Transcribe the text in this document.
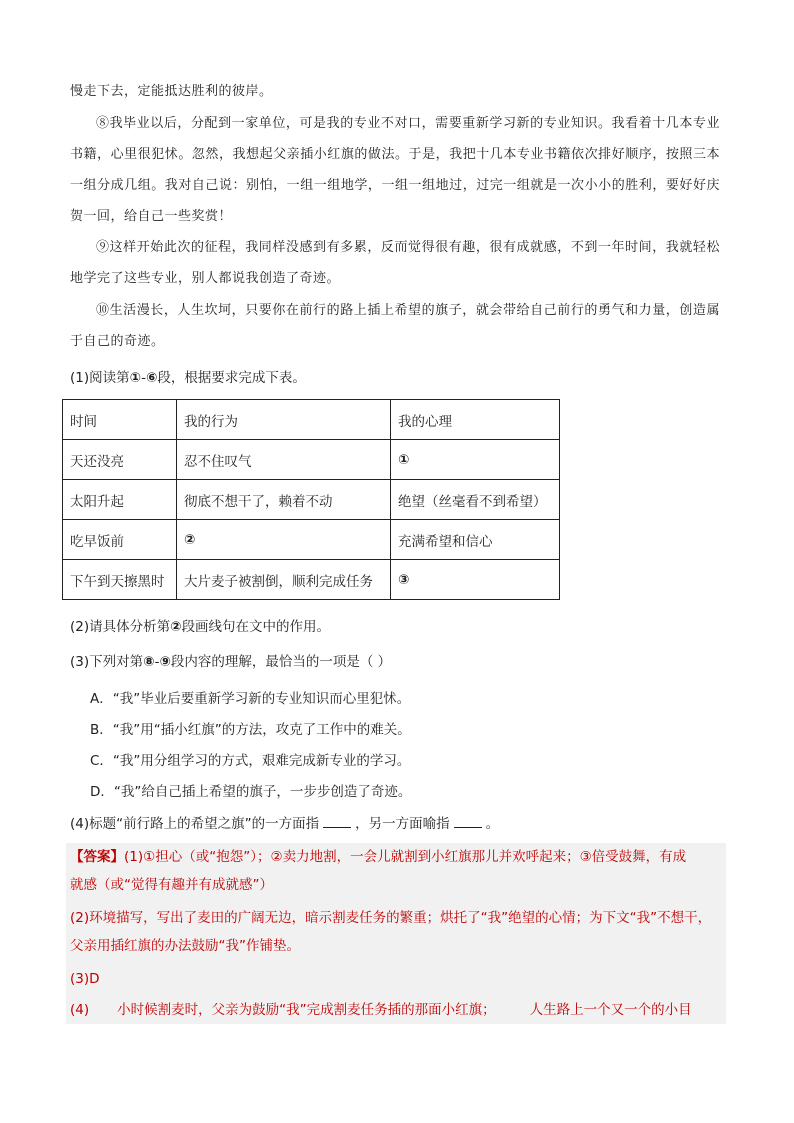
慢走下去，定能抵达胜利的彼岸。

⑧我毕业以后，分配到一家单位，可是我的专业不对口，需要重新学习新的专业知识。我看着十几本专业书籍，心里很犯怵。忽然，我想起父亲插小红旗的做法。于是，我把十几本专业书籍依次排好顺序，按照三本一组分成几组。我对自己说：别怕，一组一组地学，一组一组地过，过完一组就是一次小小的胜利，要好好庆贺一回，给自己一些奖赏！

⑨这样开始此次的征程，我同样没感到有多累，反而觉得很有趣，很有成就感，不到一年时间，我就轻松地学完了这些专业，别人都说我创造了奇迹。

⑩生活漫长，人生坎坷，只要你在前行的路上插上希望的旗子，就会带给自己前行的勇气和力量，创造属于自己的奇迹。

(1)阅读第①-⑥段，根据要求完成下表。
时间	我的行为	我的心理
天还没亮	忍不住叹气	①
太阳升起	彻底不想干了，赖着不动	绝望（丝毫看不到希望）
吃早饭前	②	充满希望和信心
下午到天擦黑时	大片麦子被割倒，顺利完成任务	③
(2)请具体分析第②段画线句在文中的作用。
(3)下列对第⑧-⑨段内容的理解，最恰当的一项是（ ）
A．“我”毕业后要重新学习新的专业知识而心里犯怵。
B．“我”用“插小红旗”的方法，攻克了工作中的难关。
C．“我”用分组学习的方式，艰难完成新专业的学习。
D．“我”给自己插上希望的旗子，一步步创造了奇迹。
(4)标题“前行路上的希望之旗”的一方面指	，另一方面喻指	。
【答案】(1)①担心（或“抱怨”）；②卖力地割，一会儿就割到小红旗那儿并欢呼起来；③倍受鼓舞，有成
就感（或“觉得有趣并有成就感”）
(2)环境描写，写出了麦田的广阔无边，暗示割麦任务的繁重；烘托了“我”绝望的心情；为下文“我”不想干，
父亲用插红旗的办法鼓励“我”作铺垫。
(3)D
(4) 小时候割麦时，父亲为鼓励“我”完成割麦任务插的那面小红旗；	人生路上一个又一个的小目
